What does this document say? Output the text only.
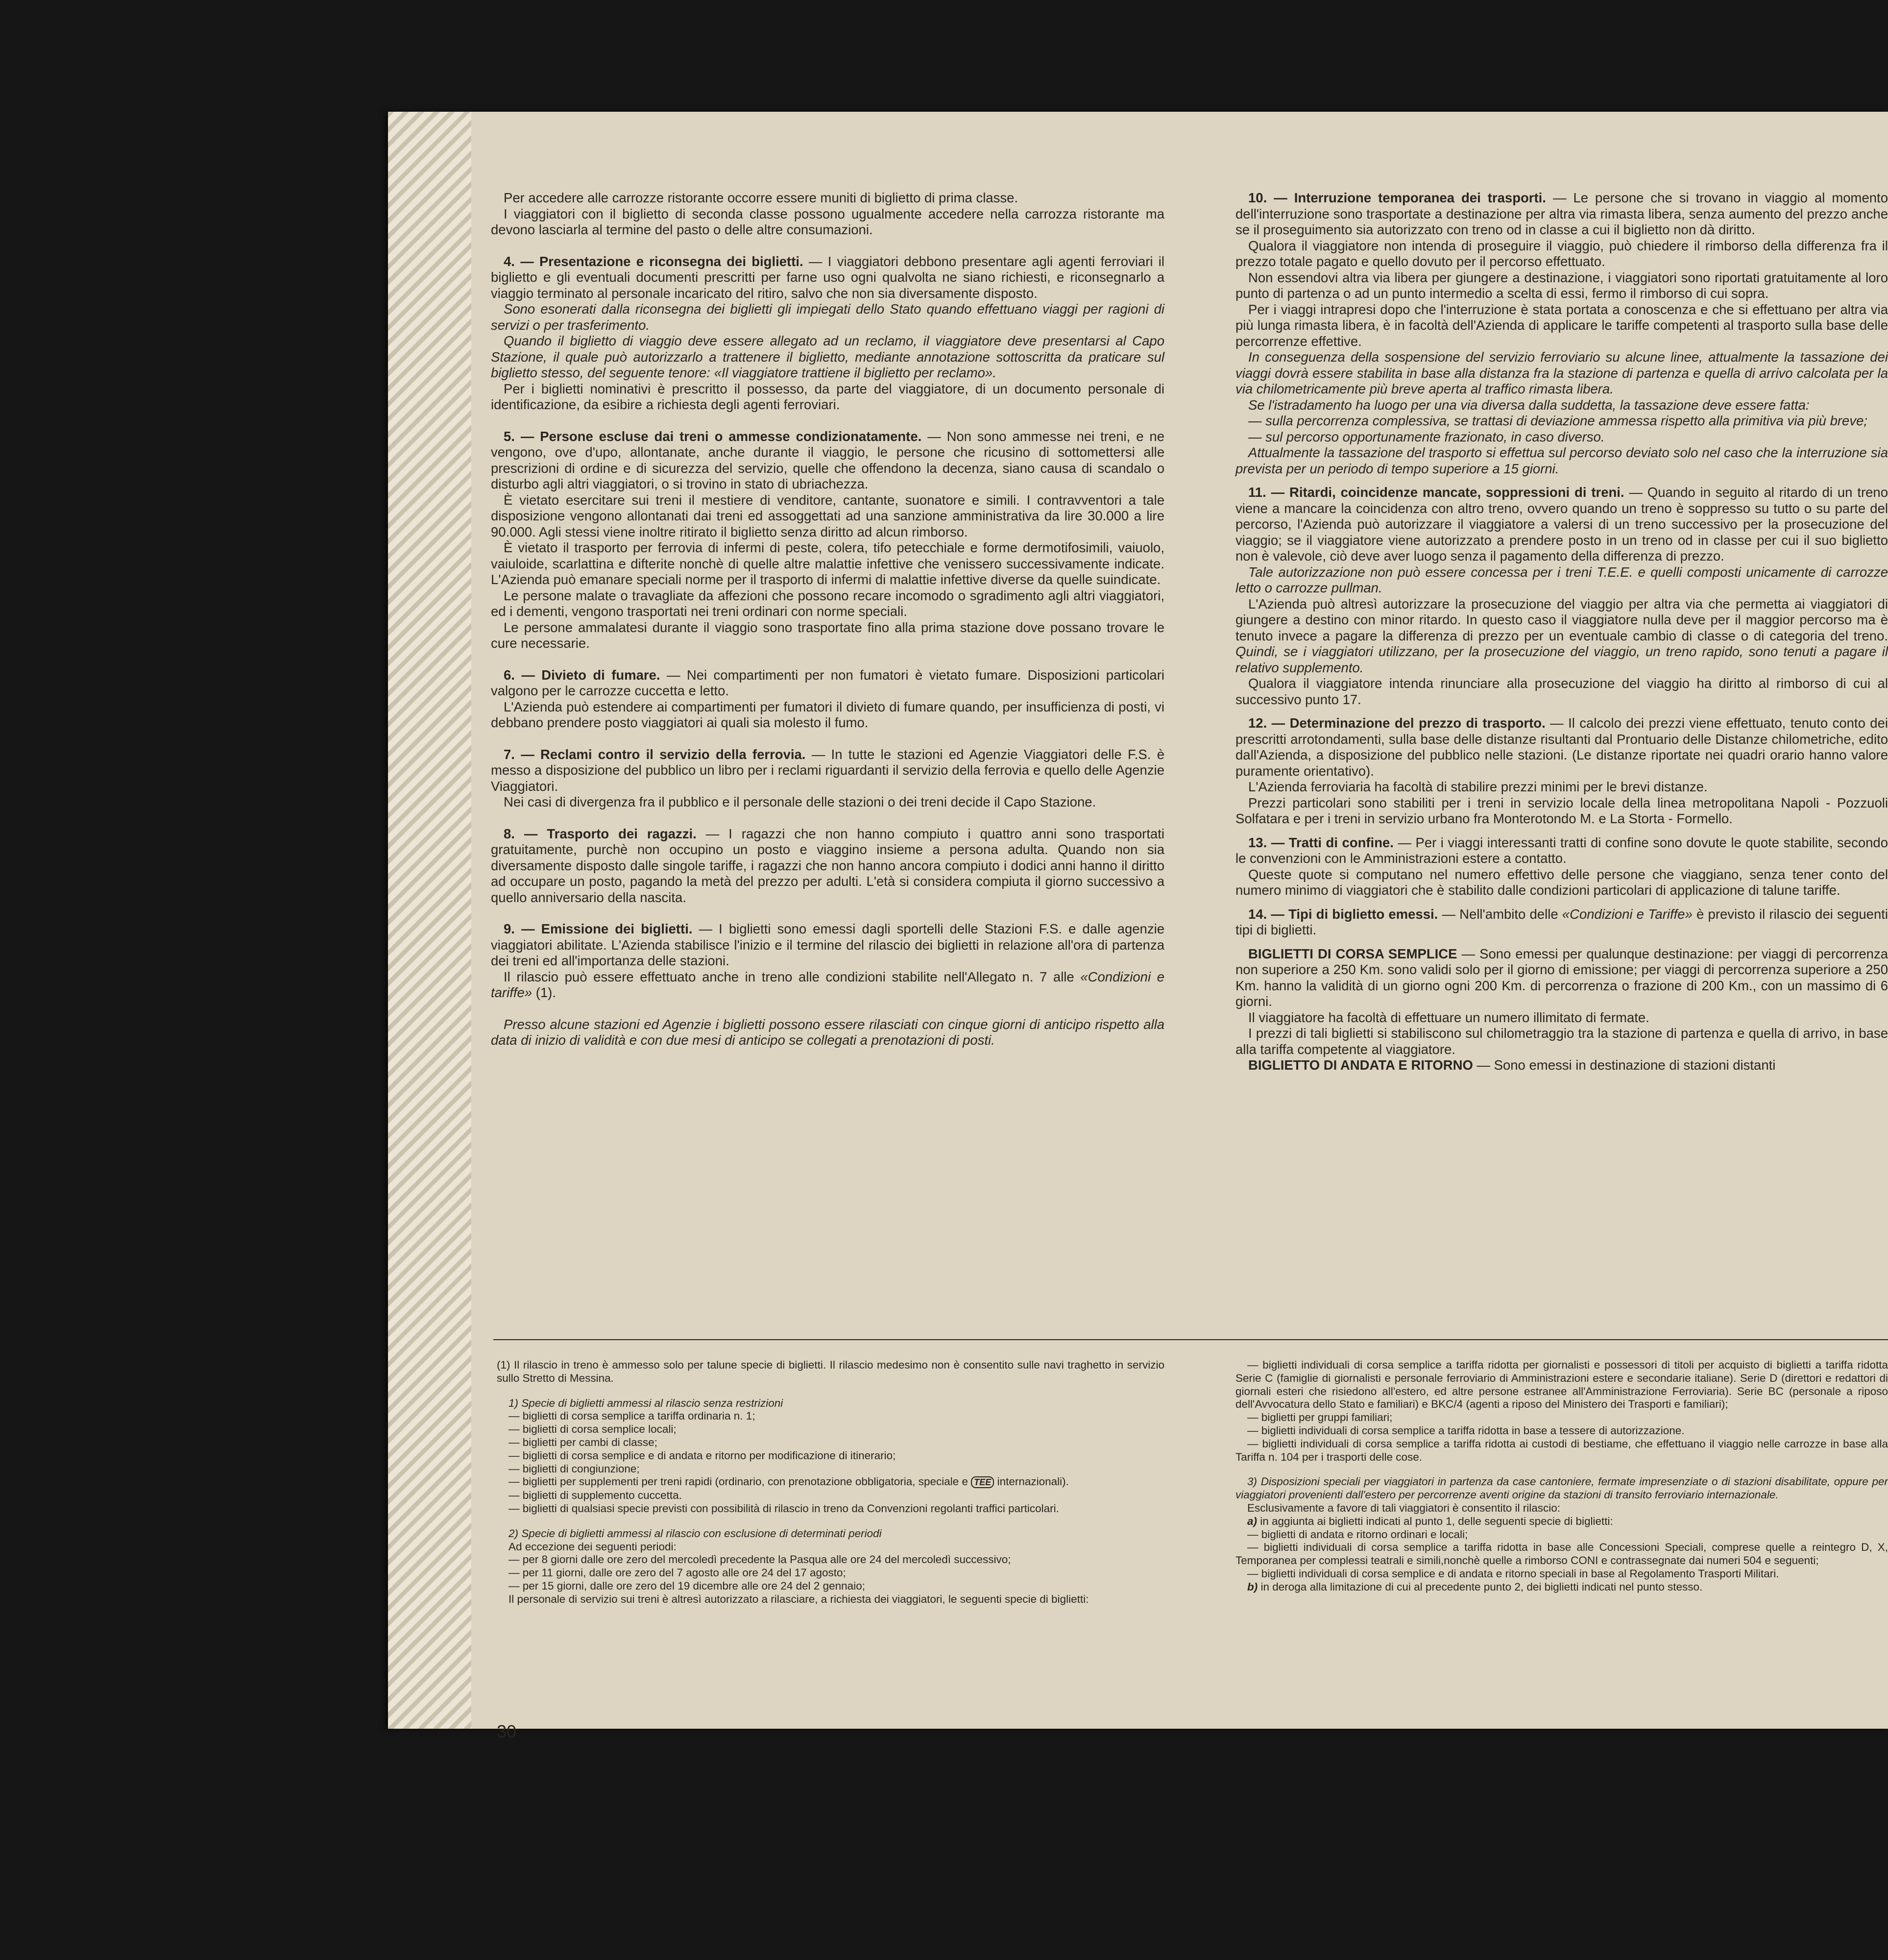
Per accedere alle carrozze ristorante occorre essere muniti di biglietto di prima classe.

I viaggiatori con il biglietto di seconda classe possono ugualmente accedere nella carrozza ristorante ma devono lasciarla al termine del pasto o delle altre consumazioni.

4. — Presentazione e riconsegna dei biglietti. — I viaggiatori debbono presentare agli agenti ferroviari il biglietto e gli eventuali documenti prescritti per farne uso ogni qualvolta ne siano richiesti, e riconsegnarlo a viaggio terminato al personale incaricato del ritiro, salvo che non sia diversamente disposto.

Sono esonerati dalla riconsegna dei biglietti gli impiegati dello Stato quando effettuano viaggi per ragioni di servizi o per trasferimento.

Quando il biglietto di viaggio deve essere allegato ad un reclamo, il viaggiatore deve presentarsi al Capo Stazione, il quale può autorizzarlo a trattenere il biglietto, mediante annotazione sottoscritta da praticare sul biglietto stesso, del seguente tenore: «Il viaggiatore trattiene il biglietto per reclamo».

Per i biglietti nominativi è prescritto il possesso, da parte del viaggiatore, di un documento personale di identificazione, da esibire a richiesta degli agenti ferroviari.

5. — Persone escluse dai treni o ammesse condizionatamente. — Non sono ammesse nei treni, e ne vengono, ove d'upo, allontanate, anche durante il viaggio, le persone che ricusino di sottomettersi alle prescrizioni di ordine e di sicurezza del servizio, quelle che offendono la decenza, siano causa di scandalo o disturbo agli altri viaggiatori, o si trovino in stato di ubriachezza.

È vietato esercitare sui treni il mestiere di venditore, cantante, suonatore e simili. I contravventori a tale disposizione vengono allontanati dai treni ed assoggettati ad una sanzione amministrativa da lire 30.000 a lire 90.000. Agli stessi viene inoltre ritirato il biglietto senza diritto ad alcun rimborso.

È vietato il trasporto per ferrovia di infermi di peste, colera, tifo petecchiale e forme dermotifosimili, vaiuolo, vaiuloide, scarlattina e difterite nonchè di quelle altre malattie infettive che venissero successivamente indicate. L'Azienda può emanare speciali norme per il trasporto di infermi di malattie infettive diverse da quelle suindicate.

Le persone malate o travagliate da affezioni che possono recare incomodo o sgradimento agli altri viaggiatori, ed i dementi, vengono trasportati nei treni ordinari con norme speciali.

Le persone ammalatesi durante il viaggio sono trasportate fino alla prima stazione dove possano trovare le cure necessarie.

6. — Divieto di fumare. — Nei compartimenti per non fumatori è vietato fumare. Disposizioni particolari valgono per le carrozze cuccetta e letto.

L'Azienda può estendere ai compartimenti per fumatori il divieto di fumare quando, per insufficienza di posti, vi debbano prendere posto viaggiatori ai quali sia molesto il fumo.

7. — Reclami contro il servizio della ferrovia. — In tutte le stazioni ed Agenzie Viaggiatori delle F.S. è messo a disposizione del pubblico un libro per i reclami riguardanti il servizio della ferrovia e quello delle Agenzie Viaggiatori.

Nei casi di divergenza fra il pubblico e il personale delle stazioni o dei treni decide il Capo Stazione.

8. — Trasporto dei ragazzi. — I ragazzi che non hanno compiuto i quattro anni sono trasportati gratuitamente, purchè non occupino un posto e viaggino insieme a persona adulta. Quando non sia diversamente disposto dalle singole tariffe, i ragazzi che non hanno ancora compiuto i dodici anni hanno il diritto ad occupare un posto, pagando la metà del prezzo per adulti. L'età si considera compiuta il giorno successivo a quello anniversario della nascita.

9. — Emissione dei biglietti. — I biglietti sono emessi dagli sportelli delle Stazioni F.S. e dalle agenzie viaggiatori abilitate. L'Azienda stabilisce l'inizio e il termine del rilascio dei biglietti in relazione all'ora di partenza dei treni ed all'importanza delle stazioni.

Il rilascio può essere effettuato anche in treno alle condizioni stabilite nell'Allegato n. 7 alle «Condizioni e tariffe» (1).

Presso alcune stazioni ed Agenzie i biglietti possono essere rilasciati con cinque giorni di anticipo rispetto alla data di inizio di validità e con due mesi di anticipo se collegati a prenotazioni di posti.

10. — Interruzione temporanea dei trasporti. — Le persone che si trovano in viaggio al momento dell'interruzione sono trasportate a destinazione per altra via rimasta libera, senza aumento del prezzo anche se il proseguimento sia autorizzato con treno od in classe a cui il biglietto non dà diritto.

Qualora il viaggiatore non intenda di proseguire il viaggio, può chiedere il rimborso della differenza fra il prezzo totale pagato e quello dovuto per il percorso effettuato.

Non essendovi altra via libera per giungere a destinazione, i viaggiatori sono riportati gratuitamente al loro punto di partenza o ad un punto intermedio a scelta di essi, fermo il rimborso di cui sopra.

Per i viaggi intrapresi dopo che l'interruzione è stata portata a conoscenza e che si effettuano per altra via più lunga rimasta libera, è in facoltà dell'Azienda di applicare le tariffe competenti al trasporto sulla base delle percorrenze effettive.

In conseguenza della sospensione del servizio ferroviario su alcune linee, attualmente la tassazione dei viaggi dovrà essere stabilita in base alla distanza fra la stazione di partenza e quella di arrivo calcolata per la via chilometricamente più breve aperta al traffico rimasta libera.

Se l'istradamento ha luogo per una via diversa dalla suddetta, la tassazione deve essere fatta:

— sulla percorrenza complessiva, se trattasi di deviazione ammessa rispetto alla primitiva via più breve;

— sul percorso opportunamente frazionato, in caso diverso.

Attualmente la tassazione del trasporto si effettua sul percorso deviato solo nel caso che la interruzione sia prevista per un periodo di tempo superiore a 15 giorni.

11. — Ritardi, coincidenze mancate, soppressioni di treni. — Quando in seguito al ritardo di un treno viene a mancare la coincidenza con altro treno, ovvero quando un treno è soppresso su tutto o su parte del percorso, l'Azienda può autorizzare il viaggiatore a valersi di un treno successivo per la prosecuzione del viaggio; se il viaggiatore viene autorizzato a prendere posto in un treno od in classe per cui il suo biglietto non è valevole, ciò deve aver luogo senza il pagamento della differenza di prezzo.

Tale autorizzazione non può essere concessa per i treni T.E.E. e quelli composti unicamente di carrozze letto o carrozze pullman.

L'Azienda può altresì autorizzare la prosecuzione del viaggio per altra via che permetta ai viaggiatori di giungere a destino con minor ritardo. In questo caso il viaggiatore nulla deve per il maggior percorso ma è tenuto invece a pagare la differenza di prezzo per un eventuale cambio di classe o di categoria del treno. Quindi, se i viaggiatori utilizzano, per la prosecuzione del viaggio, un treno rapido, sono tenuti a pagare il relativo supplemento.

Qualora il viaggiatore intenda rinunciare alla prosecuzione del viaggio ha diritto al rimborso di cui al successivo punto 17.

12. — Determinazione del prezzo di trasporto. — Il calcolo dei prezzi viene effettuato, tenuto conto dei prescritti arrotondamenti, sulla base delle distanze risultanti dal Prontuario delle Distanze chilometriche, edito dall'Azienda, a disposizione del pubblico nelle stazioni. (Le distanze riportate nei quadri orario hanno valore puramente orientativo).

L'Azienda ferroviaria ha facoltà di stabilire prezzi minimi per le brevi distanze.

Prezzi particolari sono stabiliti per i treni in servizio locale della linea metropolitana Napoli - Pozzuoli Solfatara e per i treni in servizio urbano fra Monterotondo M. e La Storta - Formello.

13. — Tratti di confine. — Per i viaggi interessanti tratti di confine sono dovute le quote stabilite, secondo le convenzioni con le Amministrazioni estere a contatto.

Queste quote si computano nel numero effettivo delle persone che viaggiano, senza tener conto del numero minimo di viaggiatori che è stabilito dalle condizioni particolari di applicazione di talune tariffe.

14. — Tipi di biglietto emessi. — Nell'ambito delle «Condizioni e Tariffe» è previsto il rilascio dei seguenti tipi di biglietti.

BIGLIETTI DI CORSA SEMPLICE — Sono emessi per qualunque destinazione: per viaggi di percorrenza non superiore a 250 Km. sono validi solo per il giorno di emissione; per viaggi di percorrenza superiore a 250 Km. hanno la validità di un giorno ogni 200 Km. di percorrenza o frazione di 200 Km., con un massimo di 6 giorni.

Il viaggiatore ha facoltà di effettuare un numero illimitato di fermate.

I prezzi di tali biglietti si stabiliscono sul chilometraggio tra la stazione di partenza e quella di arrivo, in base alla tariffa competente al viaggiatore.

BIGLIETTO DI ANDATA E RITORNO — Sono emessi in destinazione di stazioni distanti

(1) Il rilascio in treno è ammesso solo per talune specie di biglietti. Il rilascio medesimo non è consentito sulle navi traghetto in servizio sullo Stretto di Messina.

1) Specie di biglietti ammessi al rilascio senza restrizioni

— biglietti di corsa semplice a tariffa ordinaria n. 1;

— biglietti di corsa semplice locali;

— biglietti per cambi di classe;

— biglietti di corsa semplice e di andata e ritorno per modificazione di itinerario;

— biglietti di congiunzione;

— biglietti per supplementi per treni rapidi (ordinario, con prenotazione obbligatoria, speciale e TEE internazionali).

— biglietti di supplemento cuccetta.

— biglietti di qualsiasi specie previsti con possibilità di rilascio in treno da Convenzioni regolanti traffici particolari.

2) Specie di biglietti ammessi al rilascio con esclusione di determinati periodi

Ad eccezione dei seguenti periodi:

— per 8 giorni dalle ore zero del mercoledì precedente la Pasqua alle ore 24 del mercoledì successivo;

— per 11 giorni, dalle ore zero del 7 agosto alle ore 24 del 17 agosto;

— per 15 giorni, dalle ore zero del 19 dicembre alle ore 24 del 2 gennaio;

Il personale di servizio sui treni è altresì autorizzato a rilasciare, a richiesta dei viaggiatori, le seguenti specie di biglietti:

— biglietti individuali di corsa semplice a tariffa ridotta per giornalisti e possessori di titoli per acquisto di biglietti a tariffa ridotta Serie C (famiglie di giornalisti e personale ferroviario di Amministrazioni estere e secondarie italiane). Serie D (direttori e redattori di giornali esteri che risiedono all'estero, ed altre persone estranee all'Amministrazione Ferroviaria). Serie BC (personale a riposo dell'Avvocatura dello Stato e familiari) e BKC/4 (agenti a riposo del Ministero dei Trasporti e familiari);

— biglietti per gruppi familiari;

— biglietti individuali di corsa semplice a tariffa ridotta in base a tessere di autorizzazione.

— biglietti individuali di corsa semplice a tariffa ridotta ai custodi di bestiame, che effettuano il viaggio nelle carrozze in base alla Tariffa n. 104 per i trasporti delle cose.

3) Disposizioni speciali per viaggiatori in partenza da case cantoniere, fermate impresenziate o di stazioni disabilitate, oppure per viaggiatori provenienti dall'estero per percorrenze aventi origine da stazioni di transito ferroviario internazionale.

Esclusivamente a favore di tali viaggiatori è consentito il rilascio:

a) in aggiunta ai biglietti indicati al punto 1, delle seguenti specie di biglietti:

— biglietti di andata e ritorno ordinari e locali;

— biglietti individuali di corsa semplice a tariffa ridotta in base alle Concessioni Speciali, comprese quelle a reintegro D, X, Temporanea per complessi teatrali e simili,nonchè quelle a rimborso CONI e contrassegnate dai numeri 504 e seguenti;

— biglietti individuali di corsa semplice e di andata e ritorno speciali in base al Regolamento Trasporti Militari.

b) in deroga alla limitazione di cui al precedente punto 2, dei biglietti indicati nel punto stesso.

30
